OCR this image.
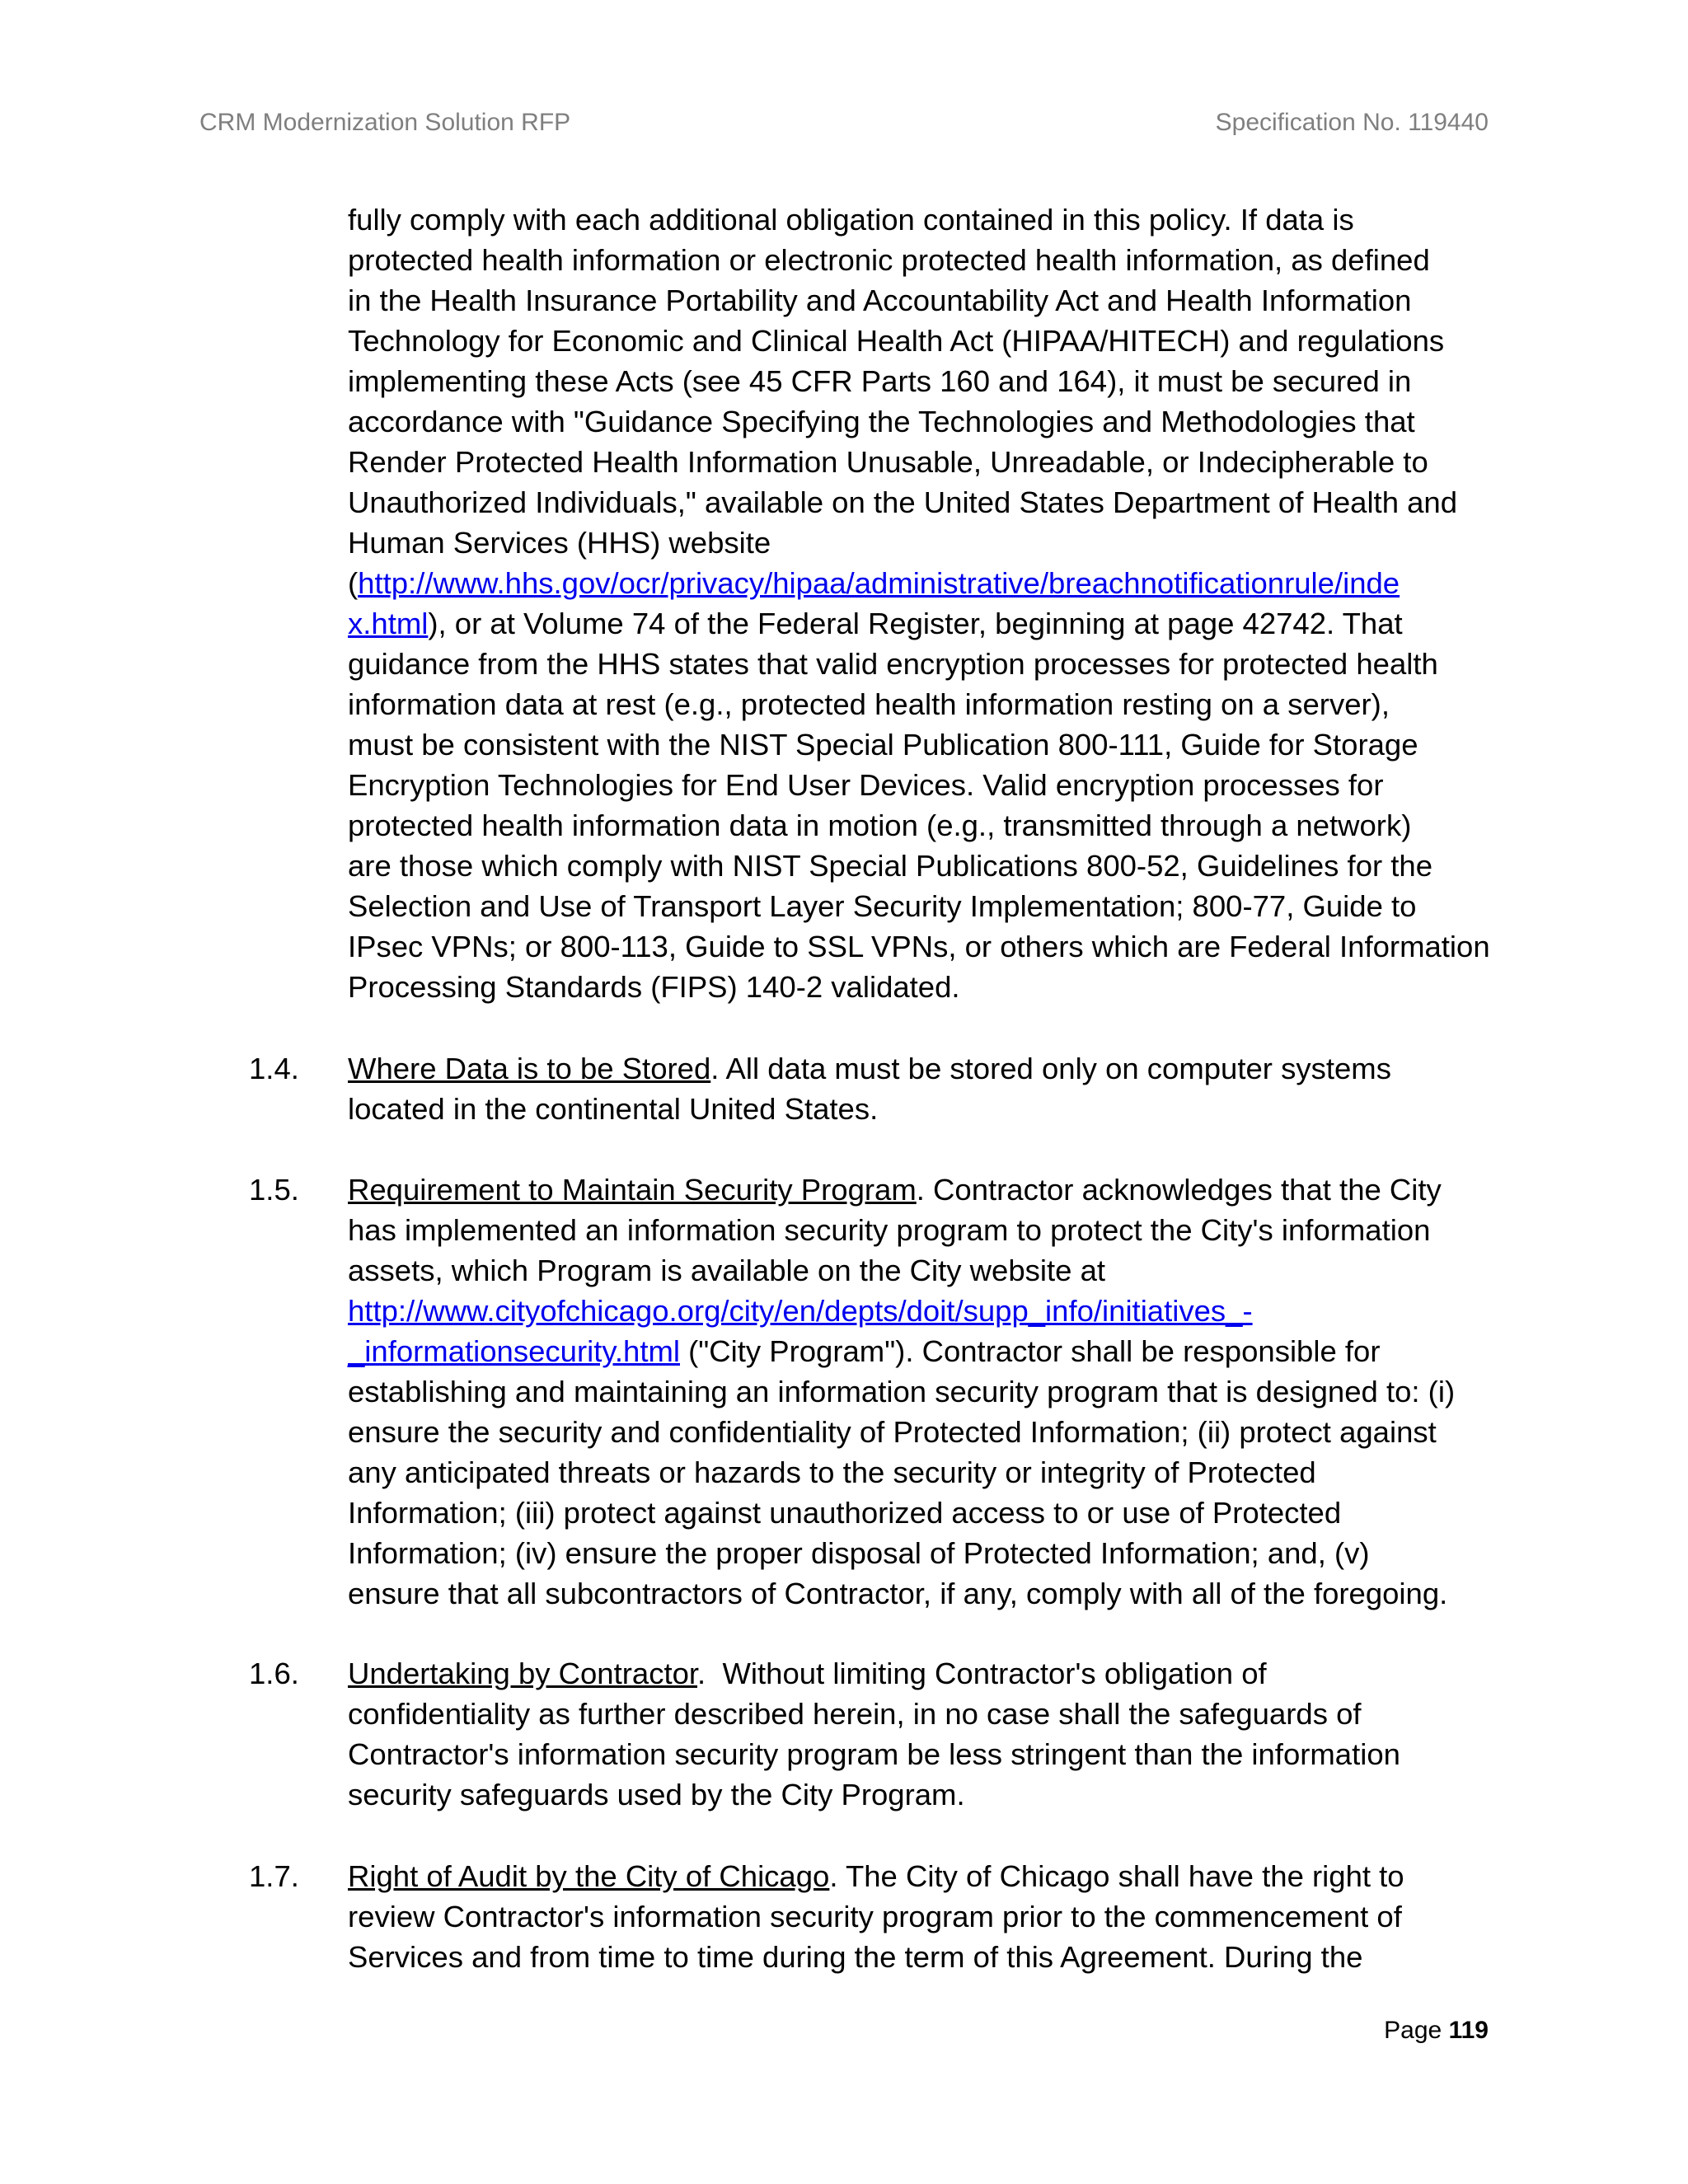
CRM Modernization Solution RFP	Specification No. 119440
fully comply with each additional obligation contained in this policy. If data is
protected health information or electronic protected health information, as defined
in the Health Insurance Portability and Accountability Act and Health Information
Technology for Economic and Clinical Health Act (HIPAA/HITECH) and regulations
implementing these Acts (see 45 CFR Parts 160 and 164), it must be secured in
accordance with "Guidance Specifying the Technologies and Methodologies that
Render Protected Health Information Unusable, Unreadable, or Indecipherable to
Unauthorized Individuals," available on the United States Department of Health and
Human Services (HHS) website
(http://www.hhs.gov/ocr/privacy/hipaa/administrative/breachnotificationrule/inde
x.html), or at Volume 74 of the Federal Register, beginning at page 42742. That
guidance from the HHS states that valid encryption processes for protected health
information data at rest (e.g., protected health information resting on a server),
must be consistent with the NIST Special Publication 800-111, Guide for Storage
Encryption Technologies for End User Devices. Valid encryption processes for
protected health information data in motion (e.g., transmitted through a network)
are those which comply with NIST Special Publications 800-52, Guidelines for the
Selection and Use of Transport Layer Security Implementation; 800-77, Guide to
IPsec VPNs; or 800-113, Guide to SSL VPNs, or others which are Federal Information
Processing Standards (FIPS) 140-2 validated.
1.4. Where Data is to be Stored. All data must be stored only on computer systems
located in the continental United States.
1.5. Requirement to Maintain Security Program. Contractor acknowledges that the City
has implemented an information security program to protect the City's information
assets, which Program is available on the City website at
http://www.cityofchicago.org/city/en/depts/doit/supp_info/initiatives_-
_informationsecurity.html ("City Program"). Contractor shall be responsible for
establishing and maintaining an information security program that is designed to: (i)
ensure the security and confidentiality of Protected Information; (ii) protect against
any anticipated threats or hazards to the security or integrity of Protected
Information; (iii) protect against unauthorized access to or use of Protected
Information; (iv) ensure the proper disposal of Protected Information; and, (v)
ensure that all subcontractors of Contractor, if any, comply with all of the foregoing.
1.6. Undertaking by Contractor.  Without limiting Contractor's obligation of
confidentiality as further described herein, in no case shall the safeguards of
Contractor's information security program be less stringent than the information
security safeguards used by the City Program.
1.7. Right of Audit by the City of Chicago. The City of Chicago shall have the right to
review Contractor's information security program prior to the commencement of
Services and from time to time during the term of this Agreement. During the
Page 119
